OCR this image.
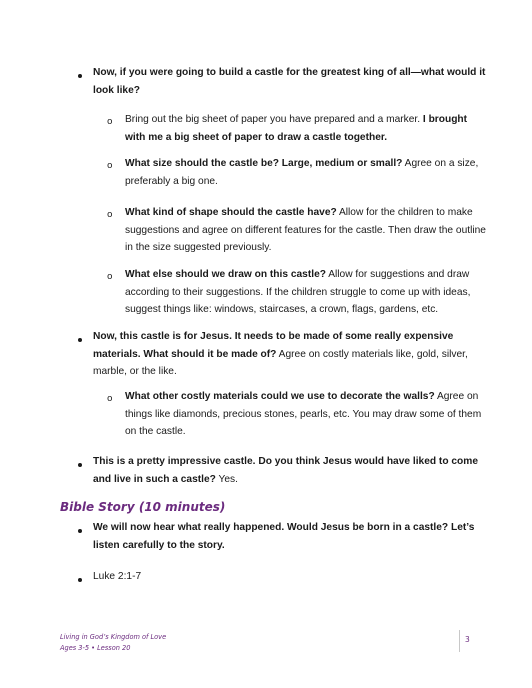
Now, if you were going to build a castle for the greatest king of all—what would it look like?

o Bring out the big sheet of paper you have prepared and a marker. I brought with me a big sheet of paper to draw a castle together.

o What size should the castle be? Large, medium or small? Agree on a size, preferably a big one.

o What kind of shape should the castle have? Allow for the children to make suggestions and agree on different features for the castle. Then draw the outline in the size suggested previously.

o What else should we draw on this castle? Allow for suggestions and draw according to their suggestions. If the children struggle to come up with ideas, suggest things like: windows, staircases, a crown, flags, gardens, etc.

Now, this castle is for Jesus. It needs to be made of some really expensive materials. What should it be made of? Agree on costly materials like, gold, silver, marble, or the like.

o What other costly materials could we use to decorate the walls? Agree on things like diamonds, precious stones, pearls, etc. You may draw some of them on the castle.

This is a pretty impressive castle. Do you think Jesus would have liked to come and live in such a castle? Yes.

Bible Story (10 minutes)

We will now hear what really happened. Would Jesus be born in a castle? Let’s listen carefully to the story.

Luke 2:1-7

Living in God’s Kingdom of Love
Ages 3-5 • Lesson 20
3
